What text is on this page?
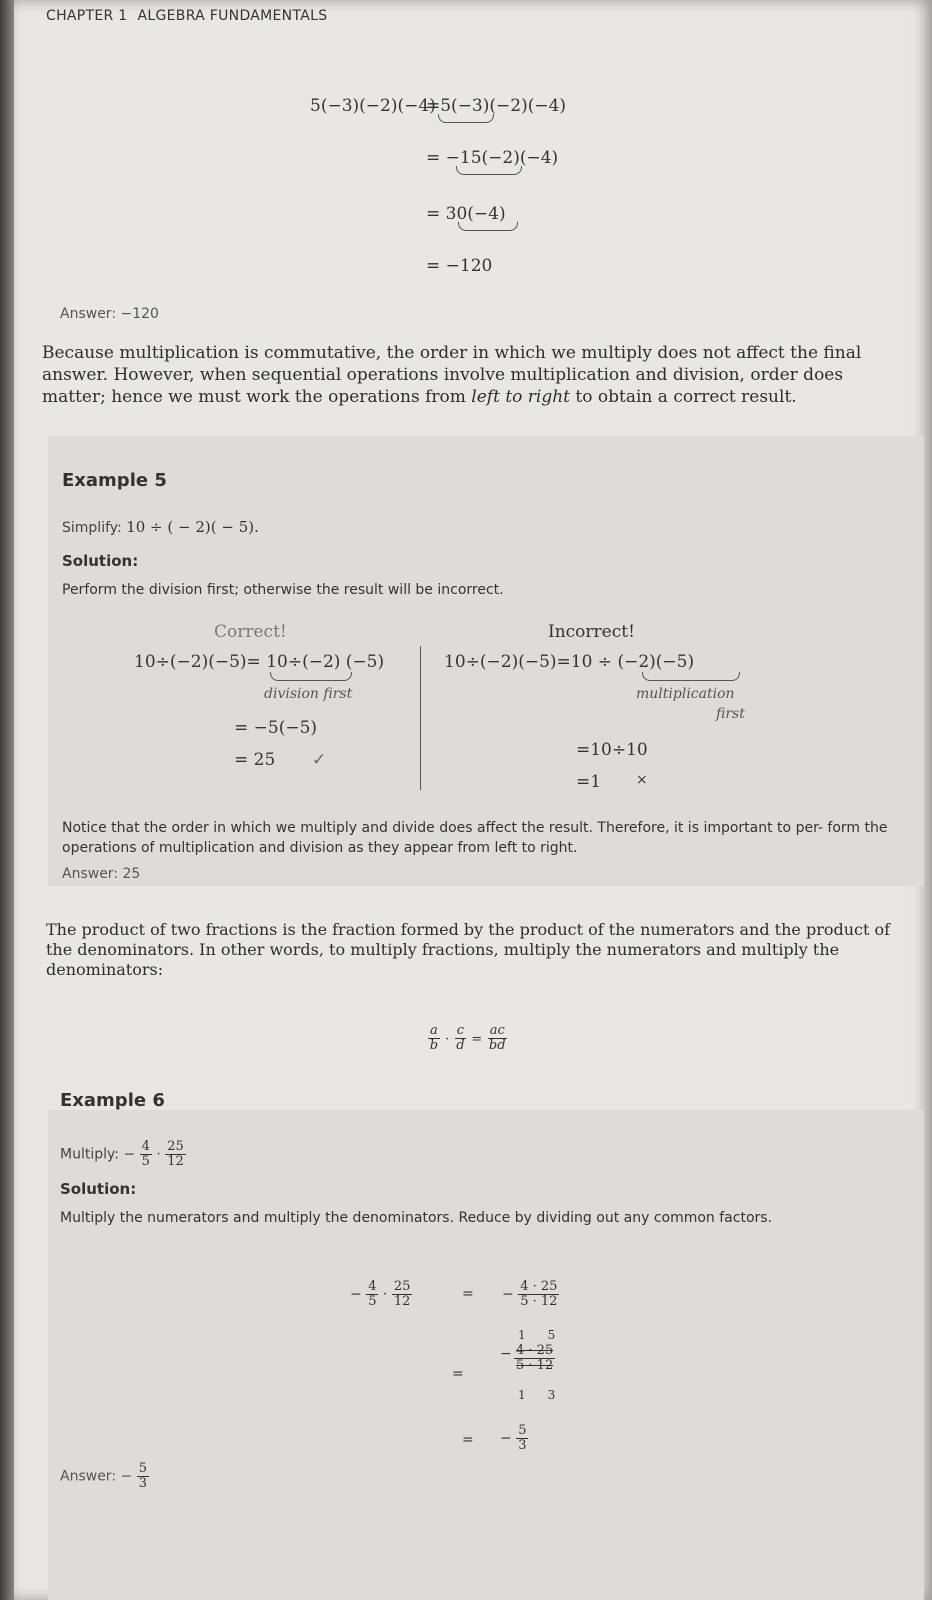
CHAPTER 1 ALGEBRA FUNDAMENTALS
5(−3)(−2)(−4)
=5(−3)(−2)(−4)
= −15(−2)(−4)
= 30(−4)
= −120
Answer: −120
Because multiplication is commutative, the order in which we multiply does not affect the final answer. However, when sequential operations involve multiplication and division, order does matter; hence we must work the operations from left to right to obtain a correct result.
Example 5
Simplify: 10 ÷ ( − 2)( − 5).
Solution:
Perform the division first; otherwise the result will be incorrect.
Correct!
10÷(−2)(−5)= 10÷(−2) (−5)
division first
= −5(−5)
= 25 ✓
Incorrect!
10÷(−2)(−5)=10 ÷ (−2)(−5)
multiplication
first
=10÷10
=1 ×
Notice that the order in which we multiply and divide does affect the result. Therefore, it is important to per- form the operations of multiplication and division as they appear from left to right.
Answer: 25
The product of two fractions is the fraction formed by the product of the numerators and the product of the denominators. In other words, to multiply fractions, multiply the numerators and multiply the denominators:
$\frac{a}{b} \cdot \frac{c}{d} = \frac{ac}{bd}$
Example 6
Multiply: − $\frac{4}{5} \cdot \frac{25}{12}$
Solution:
Multiply the numerators and multiply the denominators. Reduce by dividing out any common factors.
− $\frac{4}{5} \cdot \frac{25}{12}$	= − $\frac{4 \cdot 25}{5 \cdot 12}$
=
−
1 5
$\frac{4 \cdot 25}{5 \cdot 12}$
1 3
= − $\frac{5}{3}$
Answer: − $\frac{5}{3}$
